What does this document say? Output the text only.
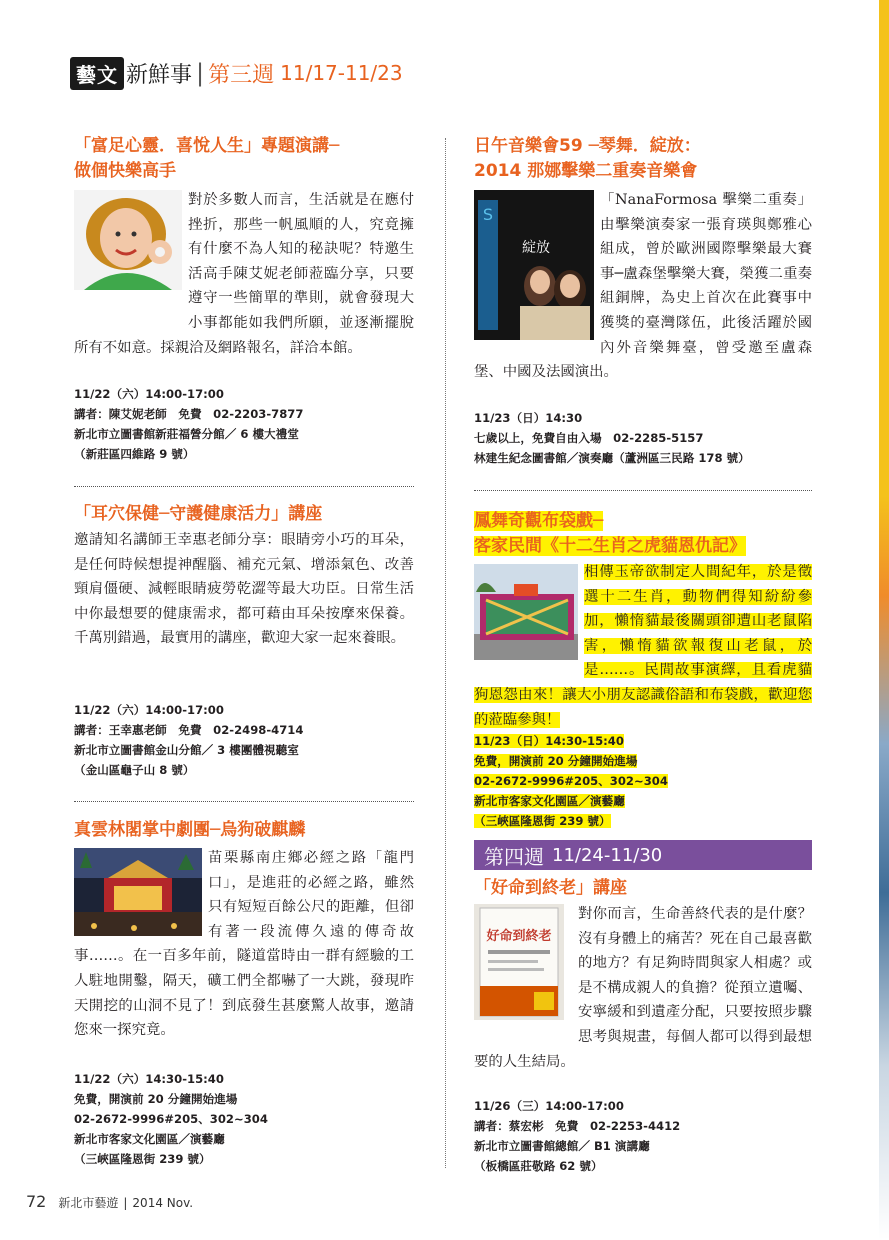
藝文 新鮮事 | 第三週 11/17-11/23
「富足心靈．喜悅人生」專題演講─
做個快樂高手
對於多數人而言，生活就是在應付挫折，那些一帆風順的人，究竟擁有什麼不為人知的秘訣呢？特邀生活高手陳艾妮老師蒞臨分享，只要遵守一些簡單的準則，就會發現大小事都能如我們所願，並逐漸擺脫所有不如意。採親洽及網路報名，詳洽本館。
11/22（六）14:00-17:00
講者：陳艾妮老師　免費　02-2203-7877
新北市立圖書館新莊福營分館／ 6 樓大禮堂
（新莊區四維路 9 號）
「耳穴保健─守護健康活力」講座
邀請知名講師王幸惠老師分享：眼睛旁小巧的耳朵，是任何時候想提神醒腦、補充元氣、增添氣色、改善頸肩僵硬、減輕眼睛疲勞乾澀等最大功臣。日常生活中你最想要的健康需求，都可藉由耳朵按摩來保養。千萬別錯過，最實用的講座，歡迎大家一起來養眼。
11/22（六）14:00-17:00
講者：王幸惠老師　免費　02-2498-4714
新北市立圖書館金山分館／ 3 樓團體視聽室
（金山區龜子山 8 號）
真雲林閣掌中劇團─烏狗破麒麟
苗栗縣南庄鄉必經之路「龍門口」，是進莊的必經之路，雖然只有短短百餘公尺的距離，但卻有著一段流傳久遠的傳奇故事……。在一百多年前，隧道當時由一群有經驗的工人駐地開鑿，隔天，礦工們全都嚇了一大跳，發現昨天開挖的山洞不見了！到底發生甚麼驚人故事，邀請您來一探究竟。
11/22（六）14:30-15:40
免費，開演前 20 分鐘開始進場
02-2672-9996#205、302~304
新北市客家文化園區／演藝廳
（三峽區隆恩街 239 號）
日午音樂會59 ─琴舞．綻放：
2014 那娜擊樂二重奏音樂會
S
綻放
「NanaFormosa 擊樂二重奏」由擊樂演奏家一張育瑛與鄭雅心組成，曾於歐洲國際擊樂最大賽事─盧森堡擊樂大賽，榮獲二重奏組銅牌，為史上首次在此賽事中獲獎的臺灣隊伍，此後活躍於國內外音樂舞臺，曾受邀至盧森堡、中國及法國演出。
11/23（日）14:30
七歲以上，免費自由入場　02-2285-5157
林建生紀念圖書館／演奏廳（蘆洲區三民路 178 號）
鳳舞奇觀布袋戲─
客家民間《十二生肖之虎貓恩仇記》
相傳玉帝欲制定人間紀年，於是徵選十二生肖，動物們得知紛紛參加，懶惰貓最後關頭卻遭山老鼠陷害，懶惰貓欲報復山老鼠，於是……。民間故事演繹，且看虎貓狗恩怨由來！讓大小朋友認識俗語和布袋戲，歡迎您的蒞臨參與！
11/23（日）14:30-15:40
免費，開演前 20 分鐘開始進場
02-2672-9996#205、302~304
新北市客家文化園區／演藝廳
（三峽區隆恩街 239 號）
第四週 11/24-11/30
「好命到終老」講座
好命到終老
對你而言，生命善終代表的是什麼？沒有身體上的痛苦？死在自己最喜歡的地方？有足夠時間與家人相處？或是不構成親人的負擔？從預立遺囑、安寧緩和到遺產分配，只要按照步驟思考與規畫，每個人都可以得到最想要的人生結局。
11/26（三）14:00-17:00
講者：蔡宏彬　免費　02-2253-4412
新北市立圖書館總館／ B1 演講廳
（板橋區莊敬路 62 號）
72 新北市藝遊 | 2014 Nov.
